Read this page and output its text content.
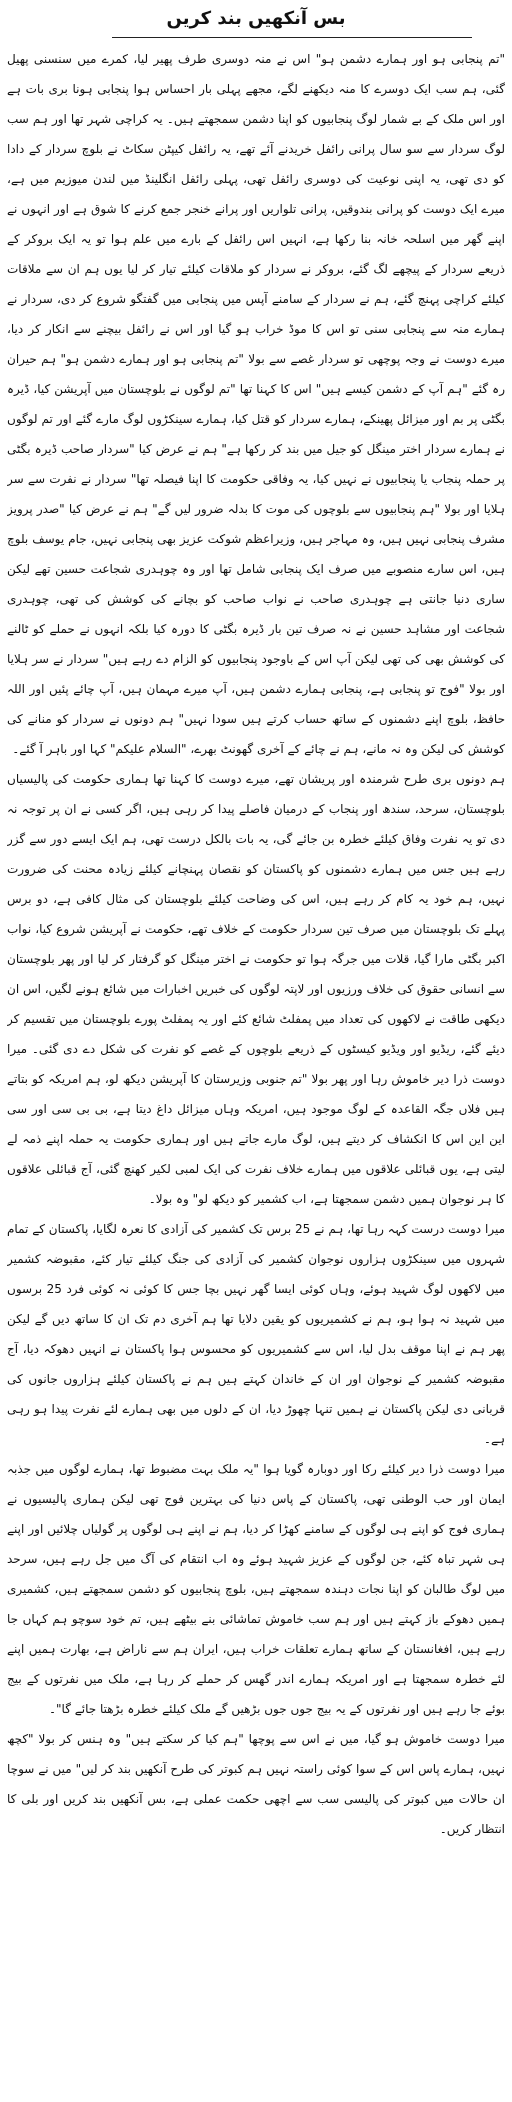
بس آنکھیں بند کریں

"تم پنجابی ہو اور ہمارے دشمن ہو" اس نے منہ دوسری طرف پھیر لیا، کمرے میں سنسنی پھیل گئی، ہم سب ایک دوسرے کا منہ دیکھنے لگے، مجھے پہلی بار احساس ہوا پنجابی ہونا بری بات ہے اور اس ملک کے بے شمار لوگ پنجابیوں کو اپنا دشمن سمجھتے ہیں۔ یہ کراچی شہر تھا اور ہم سب لوگ سردار سے سو سال پرانی رائفل خریدنے آئے تھے، یہ رائفل کیپٹن سکاٹ نے بلوچ سردار کے دادا کو دی تھی، یہ اپنی نوعیت کی دوسری رائفل تھی، پہلی رائفل انگلینڈ میں لندن میوزیم میں ہے، میرے ایک دوست کو پرانی بندوقیں، پرانی تلواریں اور پرانے خنجر جمع کرنے کا شوق ہے اور انہوں نے اپنے گھر میں اسلحہ خانہ بنا رکھا ہے، انہیں اس رائفل کے بارے میں علم ہوا تو یہ ایک بروکر کے ذریعے سردار کے پیچھے لگ گئے، بروکر نے سردار کو ملاقات کیلئے تیار کر لیا یوں ہم ان سے ملاقات کیلئے کراچی پہنچ گئے، ہم نے سردار کے سامنے آپس میں پنجابی میں گفتگو شروع کر دی، سردار نے ہمارے منہ سے پنجابی سنی تو اس کا موڈ خراب ہو گیا اور اس نے رائفل بیچنے سے انکار کر دیا، میرے دوست نے وجہ پوچھی تو سردار غصے سے بولا "تم پنجابی ہو اور ہمارے دشمن ہو" ہم حیران رہ گئے "ہم آپ کے دشمن کیسے ہیں" اس کا کہنا تھا "تم لوگوں نے بلوچستان میں آپریشن کیا، ڈیرہ بگٹی پر بم اور میزائل پھینکے، ہمارے سردار کو قتل کیا، ہمارے سینکڑوں لوگ مارے گئے اور تم لوگوں نے ہمارے سردار اختر مینگل کو جیل میں بند کر رکھا ہے" ہم نے عرض کیا "سردار صاحب ڈیرہ بگٹی پر حملہ پنجاب یا پنجابیوں نے نہیں کیا، یہ وفاقی حکومت کا اپنا فیصلہ تھا" سردار نے نفرت سے سر ہلایا اور بولا "ہم پنجابیوں سے بلوچوں کی موت کا بدلہ ضرور لیں گے" ہم نے عرض کیا "صدر پرویز مشرف پنجابی نہیں ہیں، وہ مہاجر ہیں، وزیراعظم شوکت عزیز بھی پنجابی نہیں، جام یوسف بلوچ ہیں، اس سارے منصوبے میں صرف ایک پنجابی شامل تھا اور وہ چوہدری شجاعت حسین تھے لیکن ساری دنیا جانتی ہے چوہدری صاحب نے نواب صاحب کو بچانے کی کوشش کی تھی، چوہدری شجاعت اور مشاہد حسین نے نہ صرف تین بار ڈیرہ بگٹی کا دورہ کیا بلکہ انہوں نے حملے کو ٹالنے کی کوشش بھی کی تھی لیکن آپ اس کے باوجود پنجابیوں کو الزام دے رہے ہیں" سردار نے سر ہلایا اور بولا "فوج تو پنجابی ہے، پنجابی ہمارے دشمن ہیں، آپ میرے مہمان ہیں، آپ چائے پئیں اور اللہ حافظ، بلوچ اپنے دشمنوں کے ساتھ حساب کرتے ہیں سودا نہیں" ہم دونوں نے سردار کو منانے کی کوشش کی لیکن وہ نہ مانے، ہم نے چائے کے آخری گھونٹ بھرے، "السلام علیکم" کہا اور باہر آ گئے۔

ہم دونوں بری طرح شرمندہ اور پریشان تھے، میرے دوست کا کہنا تھا ہماری حکومت کی پالیسیاں بلوچستان، سرحد، سندھ اور پنجاب کے درمیان فاصلے پیدا کر رہی ہیں، اگر کسی نے ان پر توجہ نہ دی تو یہ نفرت وفاق کیلئے خطرہ بن جائے گی، یہ بات بالکل درست تھی، ہم ایک ایسے دور سے گزر رہے ہیں جس میں ہمارے دشمنوں کو پاکستان کو نقصان پہنچانے کیلئے زیادہ محنت کی ضرورت نہیں، ہم خود یہ کام کر رہے ہیں، اس کی وضاحت کیلئے بلوچستان کی مثال کافی ہے، دو برس پہلے تک بلوچستان میں صرف تین سردار حکومت کے خلاف تھے، حکومت نے آپریشن شروع کیا، نواب اکبر بگٹی مارا گیا، قلات میں جرگہ ہوا تو حکومت نے اختر مینگل کو گرفتار کر لیا اور پھر بلوچستان سے انسانی حقوق کی خلاف ورزیوں اور لاپتہ لوگوں کی خبریں اخبارات میں شائع ہونے لگیں، اس ان دیکھی طاقت نے لاکھوں کی تعداد میں پمفلٹ شائع کئے اور یہ پمفلٹ پورے بلوچستان میں تقسیم کر دیئے گئے، ریڈیو اور ویڈیو کیسٹوں کے ذریعے بلوچوں کے غصے کو نفرت کی شکل دے دی گئی۔ میرا دوست ذرا دیر خاموش رہا اور پھر بولا "تم جنوبی وزیرستان کا آپریشن دیکھ لو، ہم امریکہ کو بتاتے ہیں فلاں جگہ القاعدہ کے لوگ موجود ہیں، امریکہ وہاں میزائل داغ دیتا ہے، بی بی سی اور سی این این اس کا انکشاف کر دیتے ہیں، لوگ مارے جاتے ہیں اور ہماری حکومت یہ حملہ اپنے ذمہ لے لیتی ہے، یوں قبائلی علاقوں میں ہمارے خلاف نفرت کی ایک لمبی لکیر کھنچ گئی، آج قبائلی علاقوں کا ہر نوجوان ہمیں دشمن سمجھتا ہے، اب کشمیر کو دیکھ لو" وہ بولا۔

میرا دوست درست کہہ رہا تھا، ہم نے 25 برس تک کشمیر کی آزادی کا نعرہ لگایا، پاکستان کے تمام شہروں میں سینکڑوں ہزاروں نوجوان کشمیر کی آزادی کی جنگ کیلئے تیار کئے، مقبوضہ کشمیر میں لاکھوں لوگ شہید ہوئے، وہاں کوئی ایسا گھر نہیں بچا جس کا کوئی نہ کوئی فرد 25 برسوں میں شہید نہ ہوا ہو، ہم نے کشمیریوں کو یقین دلایا تھا ہم آخری دم تک ان کا ساتھ دیں گے لیکن پھر ہم نے اپنا موقف بدل لیا، اس سے کشمیریوں کو محسوس ہوا پاکستان نے انہیں دھوکہ دیا، آج مقبوضہ کشمیر کے نوجوان اور ان کے خاندان کہتے ہیں ہم نے پاکستان کیلئے ہزاروں جانوں کی قربانی دی لیکن پاکستان نے ہمیں تنہا چھوڑ دیا، ان کے دلوں میں بھی ہمارے لئے نفرت پیدا ہو رہی ہے۔

میرا دوست ذرا دیر کیلئے رکا اور دوبارہ گویا ہوا "یہ ملک بہت مضبوط تھا، ہمارے لوگوں میں جذبہ ایمان اور حب الوطنی تھی، پاکستان کے پاس دنیا کی بہترین فوج تھی لیکن ہماری پالیسیوں نے ہماری فوج کو اپنے ہی لوگوں کے سامنے کھڑا کر دیا، ہم نے اپنے ہی لوگوں پر گولیاں چلائیں اور اپنے ہی شہر تباہ کئے، جن لوگوں کے عزیز شہید ہوئے وہ اب انتقام کی آگ میں جل رہے ہیں، سرحد میں لوگ طالبان کو اپنا نجات دہندہ سمجھتے ہیں، بلوچ پنجابیوں کو دشمن سمجھتے ہیں، کشمیری ہمیں دھوکے باز کہتے ہیں اور ہم سب خاموش تماشائی بنے بیٹھے ہیں، تم خود سوچو ہم کہاں جا رہے ہیں، افغانستان کے ساتھ ہمارے تعلقات خراب ہیں، ایران ہم سے ناراض ہے، بھارت ہمیں اپنے لئے خطرہ سمجھتا ہے اور امریکہ ہمارے اندر گھس کر حملے کر رہا ہے، ملک میں نفرتوں کے بیج بوئے جا رہے ہیں اور نفرتوں کے یہ بیج جوں جوں بڑھیں گے ملک کیلئے خطرہ بڑھتا جائے گا"۔

میرا دوست خاموش ہو گیا، میں نے اس سے پوچھا "ہم کیا کر سکتے ہیں" وہ ہنس کر بولا "کچھ نہیں، ہمارے پاس اس کے سوا کوئی راستہ نہیں ہم کبوتر کی طرح آنکھیں بند کر لیں" میں نے سوچا ان حالات میں کبوتر کی پالیسی سب سے اچھی حکمت عملی ہے، بس آنکھیں بند کریں اور بلی کا انتظار کریں۔
